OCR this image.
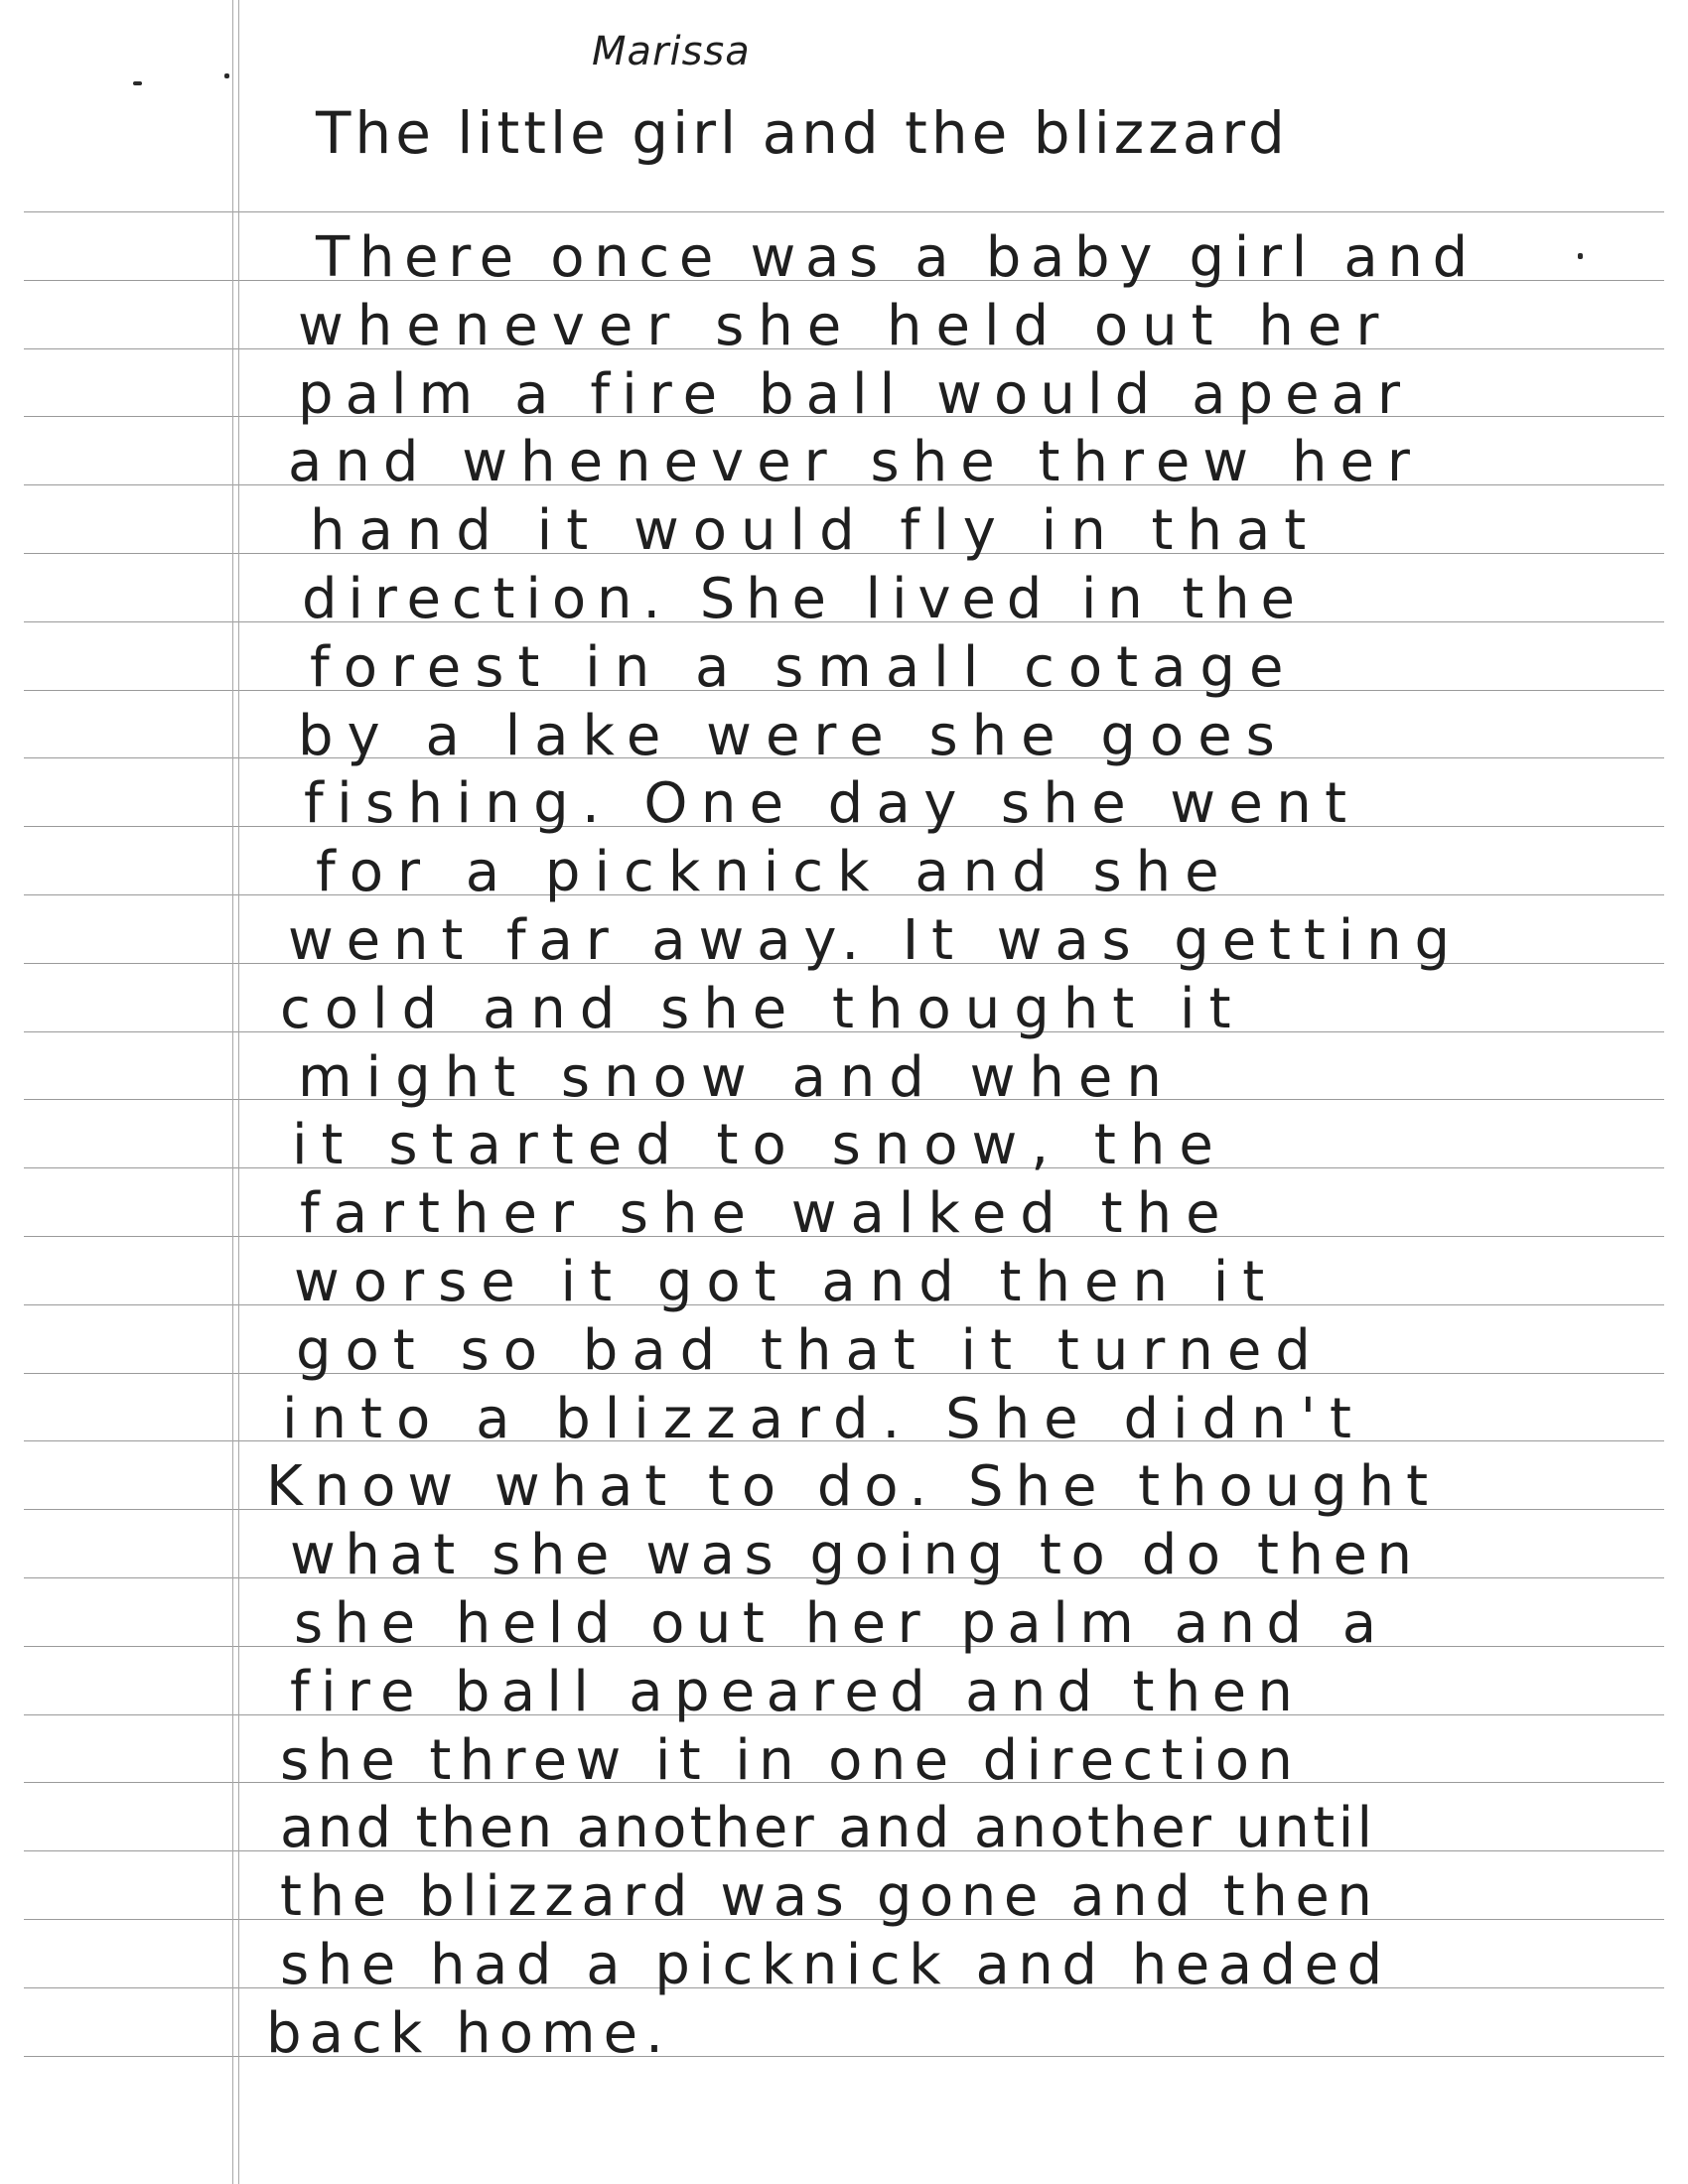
Marissa

The little girl and the blizzard

There once was a baby girl and

whenever she held out her

palm a fire ball would apear

and whenever she threw her

hand it would fly in that

direction. She lived in the

forest in a small cotage

by a lake were she goes

fishing. One day she went

for a picknick and she

went far away. It was getting

cold and she thought it

might snow and when

it started to snow, the

farther she walked the

worse it got and then it

got so bad that it turned

into a blizzard. She didn't

Know what to do. She thought

what she was going to do then

she held out her palm and a

fire ball apeared and then

she threw it in one direction

and then another and another until

the blizzard was gone and then

she had a picknick and headed

back home.
